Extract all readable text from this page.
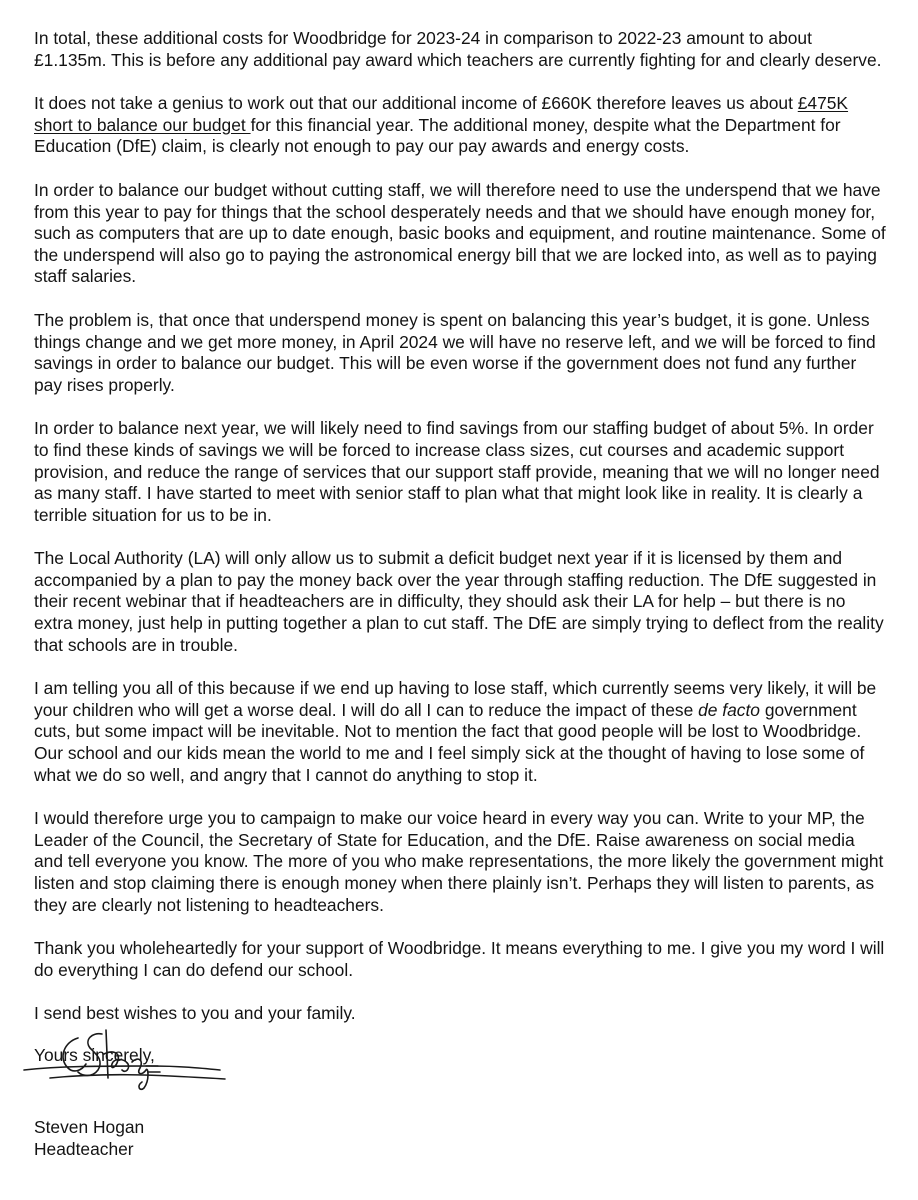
In total, these additional costs for Woodbridge for 2023-24 in comparison to 2022-23 amount to about £1.135m. This is before any additional pay award which teachers are currently fighting for and clearly deserve.

It does not take a genius to work out that our additional income of £660K therefore leaves us about £475K short to balance our budget for this financial year. The additional money, despite what the Department for Education (DfE) claim, is clearly not enough to pay our pay awards and energy costs.

In order to balance our budget without cutting staff, we will therefore need to use the underspend that we have from this year to pay for things that the school desperately needs and that we should have enough money for, such as computers that are up to date enough, basic books and equipment, and routine maintenance. Some of the underspend will also go to paying the astronomical energy bill that we are locked into, as well as to paying staff salaries.

The problem is, that once that underspend money is spent on balancing this year’s budget, it is gone. Unless things change and we get more money, in April 2024 we will have no reserve left, and we will be forced to find savings in order to balance our budget. This will be even worse if the government does not fund any further pay rises properly.

In order to balance next year, we will likely need to find savings from our staffing budget of about 5%. In order to find these kinds of savings we will be forced to increase class sizes, cut courses and academic support provision, and reduce the range of services that our support staff provide, meaning that we will no longer need as many staff. I have started to meet with senior staff to plan what that might look like in reality. It is clearly a terrible situation for us to be in.

The Local Authority (LA) will only allow us to submit a deficit budget next year if it is licensed by them and accompanied by a plan to pay the money back over the year through staffing reduction. The DfE suggested in their recent webinar that if headteachers are in difficulty, they should ask their LA for help – but there is no extra money, just help in putting together a plan to cut staff. The DfE are simply trying to deflect from the reality that schools are in trouble.

I am telling you all of this because if we end up having to lose staff, which currently seems very likely, it will be your children who will get a worse deal. I will do all I can to reduce the impact of these de facto government cuts, but some impact will be inevitable. Not to mention the fact that good people will be lost to Woodbridge. Our school and our kids mean the world to me and I feel simply sick at the thought of having to lose some of what we do so well, and angry that I cannot do anything to stop it.

I would therefore urge you to campaign to make our voice heard in every way you can. Write to your MP, the Leader of the Council, the Secretary of State for Education, and the DfE. Raise awareness on social media and tell everyone you know. The more of you who make representations, the more likely the government might listen and stop claiming there is enough money when there plainly isn’t. Perhaps they will listen to parents, as they are clearly not listening to headteachers.

Thank you wholeheartedly for your support of Woodbridge. It means everything to me. I give you my word I will do everything I can do defend our school.

I send best wishes to you and your family.

Yours sincerely,

Steven Hogan
Headteacher
